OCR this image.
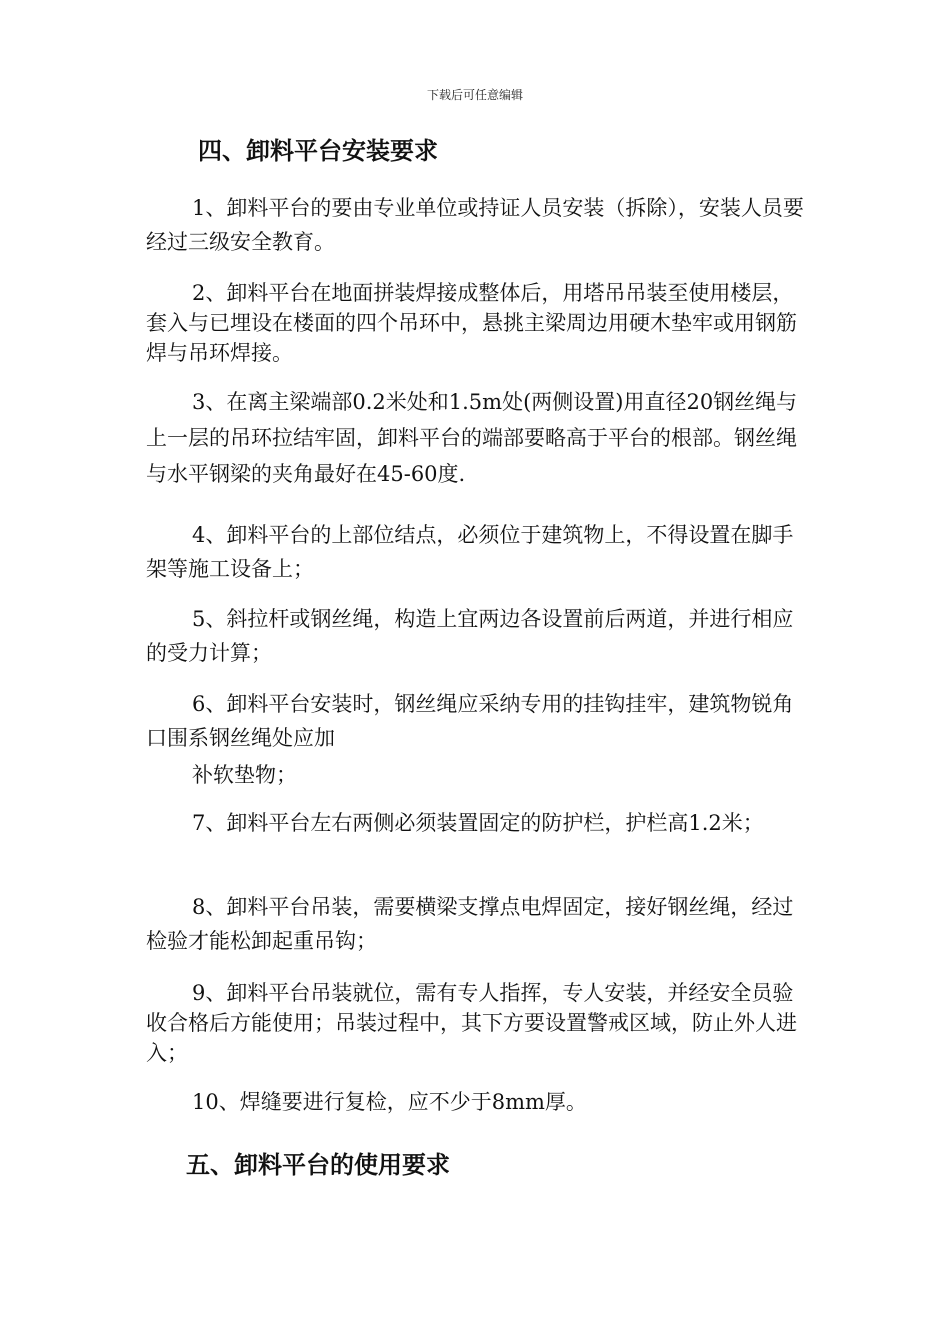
下载后可任意编辑
四、卸料平台安装要求
1、卸料平台的要由专业单位或持证人员安装（拆除），安装人员要经过三级安全教育。
2、卸料平台在地面拼装焊接成整体后，用塔吊吊装至使用楼层，套入与已埋设在楼面的四个吊环中，悬挑主梁周边用硬木垫牢或用钢筋焊与吊环焊接。
3、在离主梁端部0.2米处和1.5m处(两侧设置)用直径20钢丝绳与上一层的吊环拉结牢固，卸料平台的端部要略高于平台的根部。钢丝绳与水平钢梁的夹角最好在45-60度.
4、卸料平台的上部位结点，必须位于建筑物上，不得设置在脚手架等施工设备上；
5、斜拉杆或钢丝绳，构造上宜两边各设置前后两道，并进行相应的受力计算；
6、卸料平台安装时，钢丝绳应采纳专用的挂钩挂牢，建筑物锐角口围系钢丝绳处应加
补软垫物；
7、卸料平台左右两侧必须装置固定的防护栏，护栏高1.2米；
8、卸料平台吊装，需要横梁支撑点电焊固定，接好钢丝绳，经过检验才能松卸起重吊钩；
9、卸料平台吊装就位，需有专人指挥，专人安装，并经安全员验收合格后方能使用；吊装过程中，其下方要设置警戒区域，防止外人进入；
10、焊缝要进行复检，应不少于8mm厚。
五、卸料平台的使用要求
